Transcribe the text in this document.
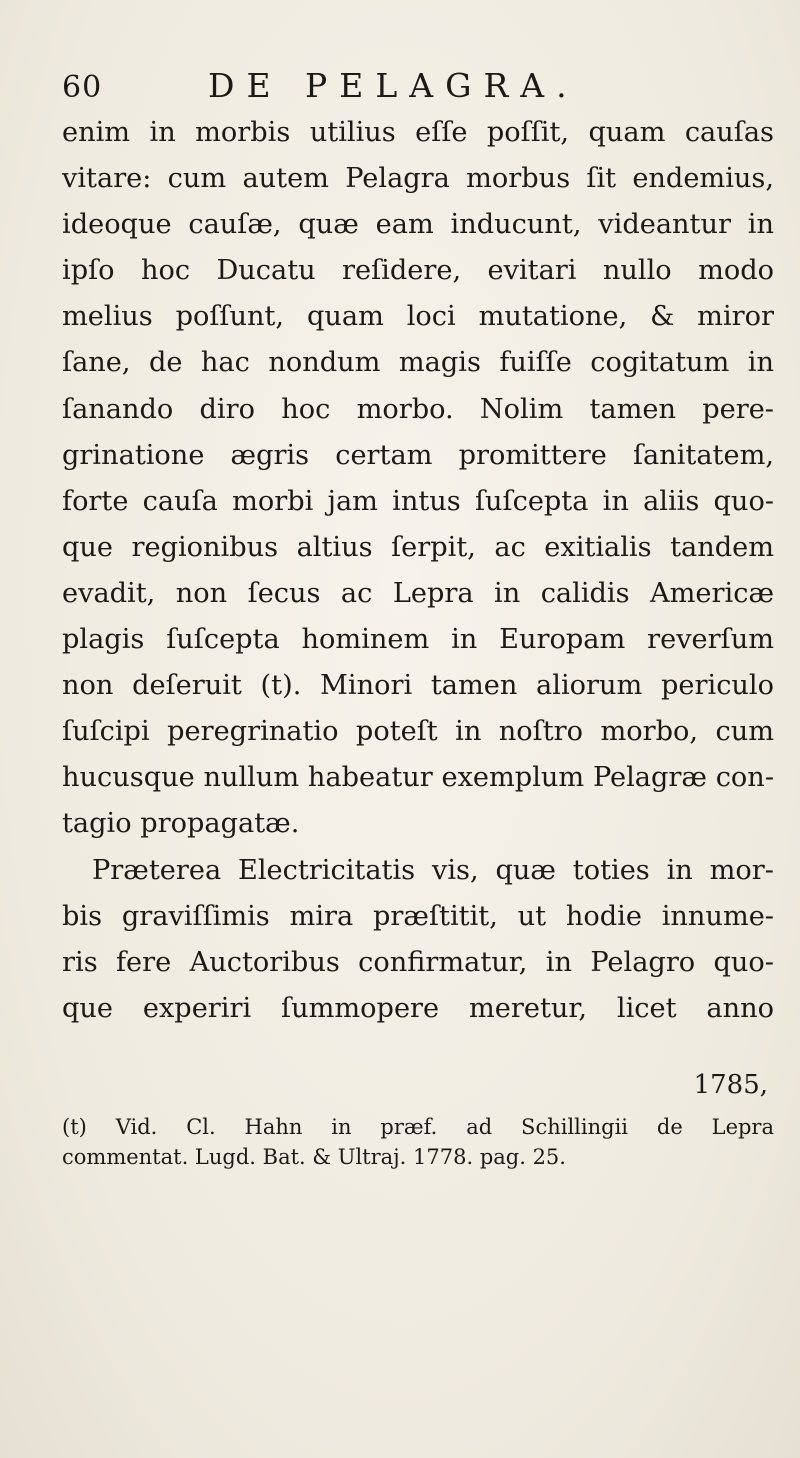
60	DE PELAGRA.
enim in morbis utilius eſſe poſſit, quam cauſas
vitare: cum autem Pelagra morbus ſit endemius,
ideoque cauſæ, quæ eam inducunt, videantur in
ipſo hoc Ducatu reſidere, evitari nullo modo
melius poſſunt, quam loci mutatione, & miror
ſane, de hac nondum magis fuiſſe cogitatum in
ſanando diro hoc morbo. Nolim tamen pere-
grinatione ægris certam promittere ſanitatem,
forte cauſa morbi jam intus ſuſcepta in aliis quo-
que regionibus altius ſerpit, ac exitialis tandem
evadit, non ſecus ac Lepra in calidis Americæ
plagis ſuſcepta hominem in Europam reverſum
non deſeruit (t). Minori tamen aliorum periculo
ſuſcipi peregrinatio poteſt in noſtro morbo, cum
hucusque nullum habeatur exemplum Pelagræ con-
tagio propagatæ.
Præterea Electricitatis vis, quæ toties in mor-
bis graviſſimis mira præſtitit, ut hodie innume-
ris fere Auctoribus confirmatur, in Pelagro quo-
que experiri ſummopere meretur, licet anno
1785,
(t) Vid. Cl. Hahn in præf. ad Schillingii de Lepra
commentat. Lugd. Bat. & Ultraj. 1778. pag. 25.
